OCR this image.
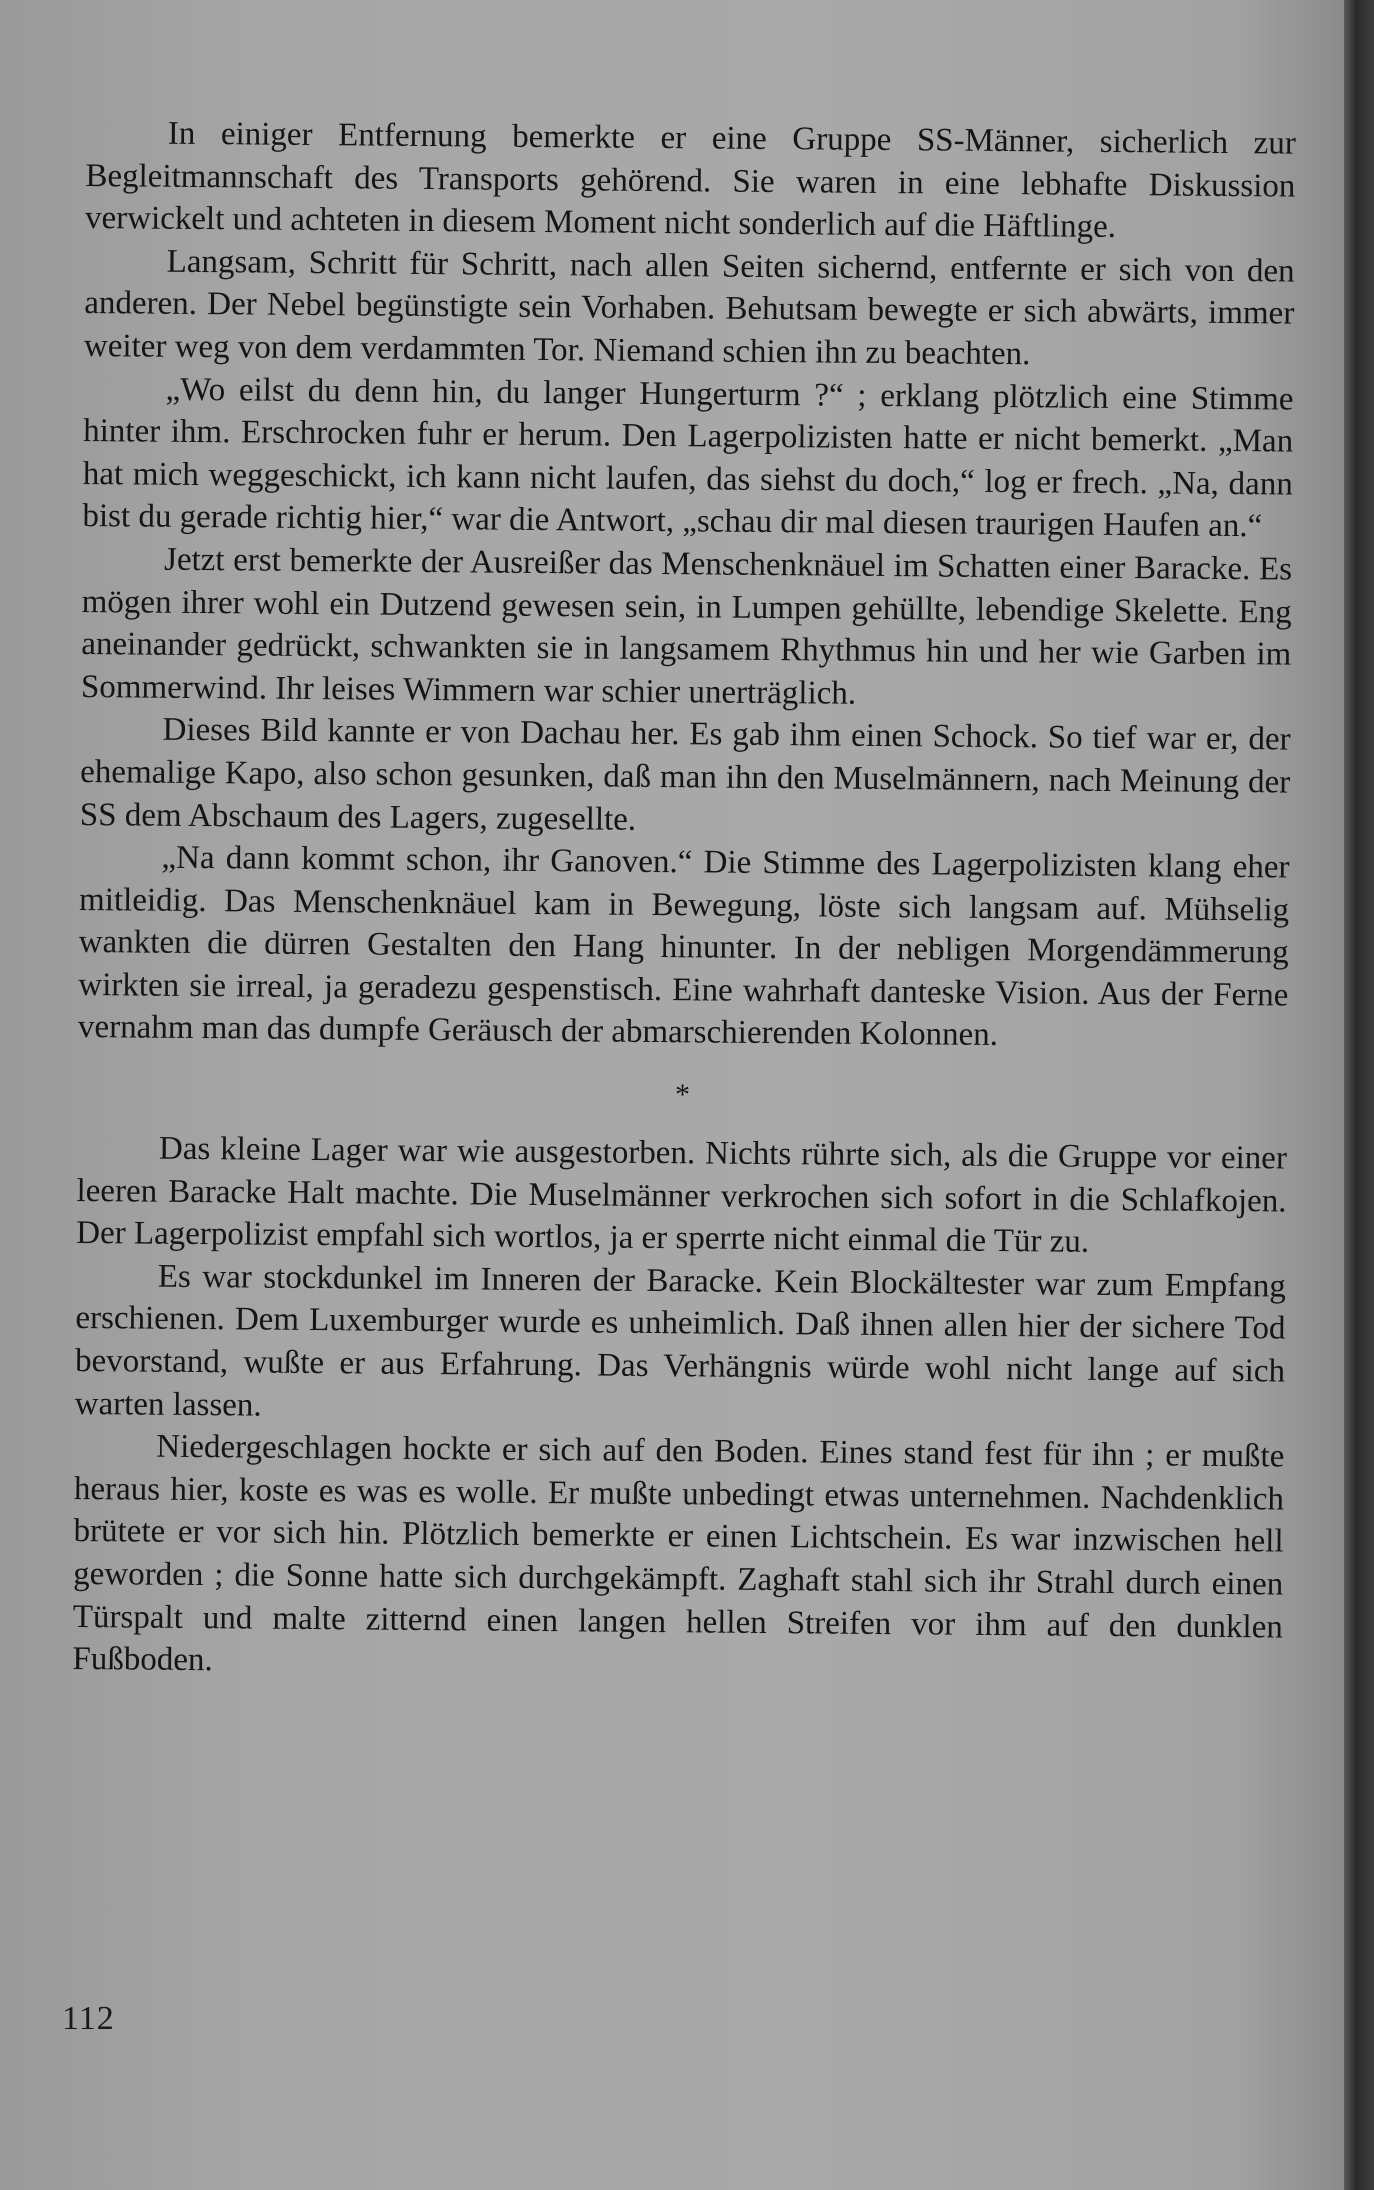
In einiger Entfernung bemerkte er eine Gruppe SS-Männer, sicherlich zur Begleitmannschaft des Transports gehörend. Sie waren in eine lebhafte Diskussion verwickelt und achteten in diesem Moment nicht sonderlich auf die Häftlinge.

Langsam, Schritt für Schritt, nach allen Seiten sichernd, entfernte er sich von den anderen. Der Nebel begünstigte sein Vorhaben. Behutsam bewegte er sich abwärts, immer weiter weg von dem verdammten Tor. Niemand schien ihn zu beachten.

„Wo eilst du denn hin, du langer Hungerturm ?“ ; erklang plötzlich eine Stimme hinter ihm. Erschrocken fuhr er herum. Den Lagerpolizisten hatte er nicht bemerkt. „Man hat mich weggeschickt, ich kann nicht laufen, das siehst du doch,“ log er frech. „Na, dann bist du gerade richtig hier,“ war die Antwort, „schau dir mal diesen traurigen Haufen an.“

Jetzt erst bemerkte der Ausreißer das Menschenknäuel im Schatten einer Baracke. Es mögen ihrer wohl ein Dutzend gewesen sein, in Lumpen gehüllte, lebendige Skelette. Eng aneinander gedrückt, schwankten sie in langsamem Rhythmus hin und her wie Garben im Sommerwind. Ihr leises Wimmern war schier unerträglich.

Dieses Bild kannte er von Dachau her. Es gab ihm einen Schock. So tief war er, der ehemalige Kapo, also schon gesunken, daß man ihn den Muselmännern, nach Meinung der SS dem Abschaum des Lagers, zugesellte.

„Na dann kommt schon, ihr Ganoven.“ Die Stimme des Lagerpolizisten klang eher mitleidig. Das Menschenknäuel kam in Bewegung, löste sich langsam auf. Mühselig wankten die dürren Gestalten den Hang hinunter. In der nebligen Morgendämmerung wirkten sie irreal, ja geradezu gespenstisch. Eine wahrhaft danteske Vision. Aus der Ferne vernahm man das dumpfe Geräusch der abmarschierenden Kolonnen.

*

Das kleine Lager war wie ausgestorben. Nichts rührte sich, als die Gruppe vor einer leeren Baracke Halt machte. Die Muselmänner verkrochen sich sofort in die Schlafkojen. Der Lagerpolizist empfahl sich wortlos, ja er sperrte nicht einmal die Tür zu.

Es war stockdunkel im Inneren der Baracke. Kein Blockältester war zum Empfang erschienen. Dem Luxemburger wurde es unheimlich. Daß ihnen allen hier der sichere Tod bevorstand, wußte er aus Erfahrung. Das Verhängnis würde wohl nicht lange auf sich warten lassen.

Niedergeschlagen hockte er sich auf den Boden. Eines stand fest für ihn ; er mußte heraus hier, koste es was es wolle. Er mußte unbedingt etwas unternehmen. Nachdenklich brütete er vor sich hin. Plötzlich bemerkte er einen Lichtschein. Es war inzwischen hell geworden ; die Sonne hatte sich durchgekämpft. Zaghaft stahl sich ihr Strahl durch einen Türspalt und malte zitternd einen langen hellen Streifen vor ihm auf den dunklen Fußboden.

112
